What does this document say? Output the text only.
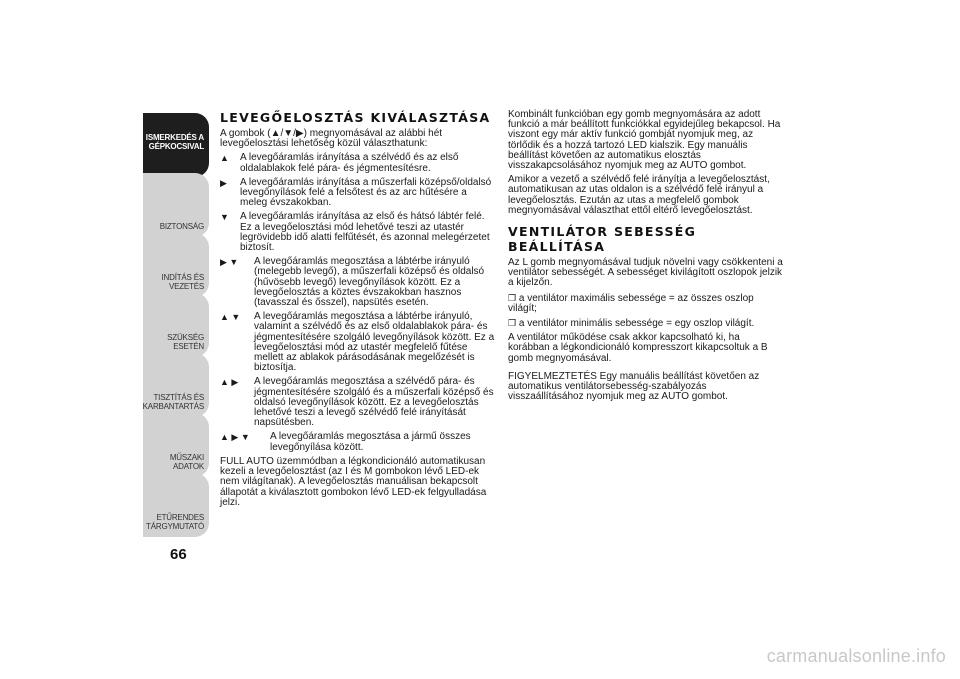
ISMERKEDÉS A
GÉPKOCSIVAL
BIZTONSÁG
INDÍTÁS ÉS VEZETÉS
SZÜKSÉG ESETÉN
TISZTÍTÁS ÉS
KARBANTARTÁS
MŰSZAKI ADATOK
ETŰRENDES
TÁRGYMUTATÓ
66
LEVEGŐELOSZTÁS KIVÁLASZTÁSA

A gombok (▲/▼/▶) megnyomásával az alábbi hét levegőelosztási lehetőség közül választhatunk:

▲	A levegőáramlás irányítása a szélvédő és az első oldalablakok felé pára- és jégmentesítésre.
▶	A levegőáramlás irányítása a műszerfali középső/oldalsó levegőnyílások felé a felsőtest és az arc hűtésére a meleg évszakokban.
▼	A levegőáramlás irányítása az első és hátsó lábtér felé. Ez a levegőelosztási mód lehetővé teszi az utastér legrövidebb idő alatti felfűtését, és azonnal melegérzetet biztosít.
▶ ▼	A levegőáramlás megosztása a lábtérbe irányuló (melegebb levegő), a műszerfali középső és oldalsó (hűvösebb levegő) levegőnyílások között. Ez a levegőelosztás a köztes évszakokban hasznos (tavasszal és ősszel), napsütés esetén.
▲ ▼	A levegőáramlás megosztása a lábtérbe irányuló, valamint a szélvédő és az első oldalablakok pára- és jégmentesítésére szolgáló levegőnyílások között. Ez a levegőelosztási mód az utastér megfelelő fűtése mellett az ablakok párásodásának megelőzését is biztosítja.
▲ ▶	A levegőáramlás megosztása a szélvédő pára- és jégmentesítésére szolgáló és a műszerfali középső és oldalsó levegőnyílások között. Ez a levegőelosztás lehetővé teszi a levegő szélvédő felé irányítását napsütésben.
▲ ▶ ▼	A levegőáramlás megosztása a jármű összes levegőnyílása között.

FULL AUTO üzemmódban a légkondicionáló automatikusan kezeli a levegőelosztást (az I és M gombokon lévő LED-ek nem világítanak). A levegőelosztás manuálisan bekapcsolt állapotát a kiválasztott gombokon lévő LED-ek felgyulladása jelzi.

Kombinált funkcióban egy gomb megnyomására az adott funkció a már beállított funkciókkal egyidejűleg bekapcsol. Ha viszont egy már aktív funkció gombját nyomjuk meg, az törlődik és a hozzá tartozó LED kialszik. Egy manuális beállítást követően az automatikus elosztás visszakapcsolásához nyomjuk meg az AUTO gombot.

Amikor a vezető a szélvédő felé irányítja a levegőelosztást, automatikusan az utas oldalon is a szélvédő felé irányul a levegőelosztás. Ezután az utas a megfelelő gombok megnyomásával választhat ettől eltérő levegőelosztást.

VENTILÁTOR SEBESSÉG BEÁLLÍTÁSA

Az L gomb megnyomásával tudjuk növelni vagy csökkenteni a ventilátor sebességét. A sebességet kivilágított oszlopok jelzik a kijelzőn.

❒ a ventilátor maximális sebessége = az összes oszlop világít;
❒ a ventilátor minimális sebessége = egy oszlop világít.

A ventilátor működése csak akkor kapcsolható ki, ha korábban a légkondicionáló kompresszort kikapcsoltuk a B gomb megnyomásával.

FIGYELMEZTETÉS Egy manuális beállítást követően az automatikus ventilátorsebesség-szabályozás visszaállításához nyomjuk meg az AUTO gombot.

carmanualsonline.info
